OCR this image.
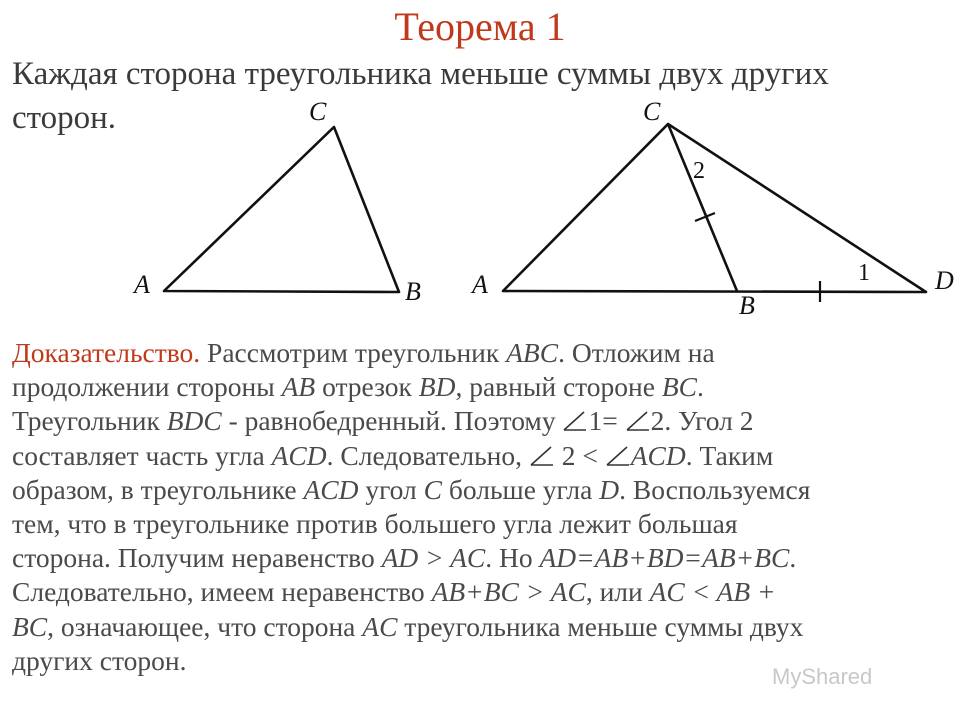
Теорема 1
Каждая сторона треугольника меньше суммы двух других
сторон.
A	B
C
A
B
C
D
1
2
Доказательство. Рассмотрим треугольник ABC. Отложим на
продолжении стороны AB отрезок BD, равный стороне BC.
Треугольник BDC - равнобедренный. Поэтому 1= 2. Угол 2
составляет часть угла ACD. Следовательно, 2 < ACD. Таким
образом, в треугольнике ACD угол C больше угла D. Воспользуемся
тем, что в треугольнике против большего угла лежит большая
сторона. Получим неравенство AD > AC. Но AD=AB+BD=AB+BC.
Следовательно, имеем неравенство AB+BC > AC, или AC < AB +
BC, означающее, что сторона AC треугольника меньше суммы двух
других сторон.
MyShared
